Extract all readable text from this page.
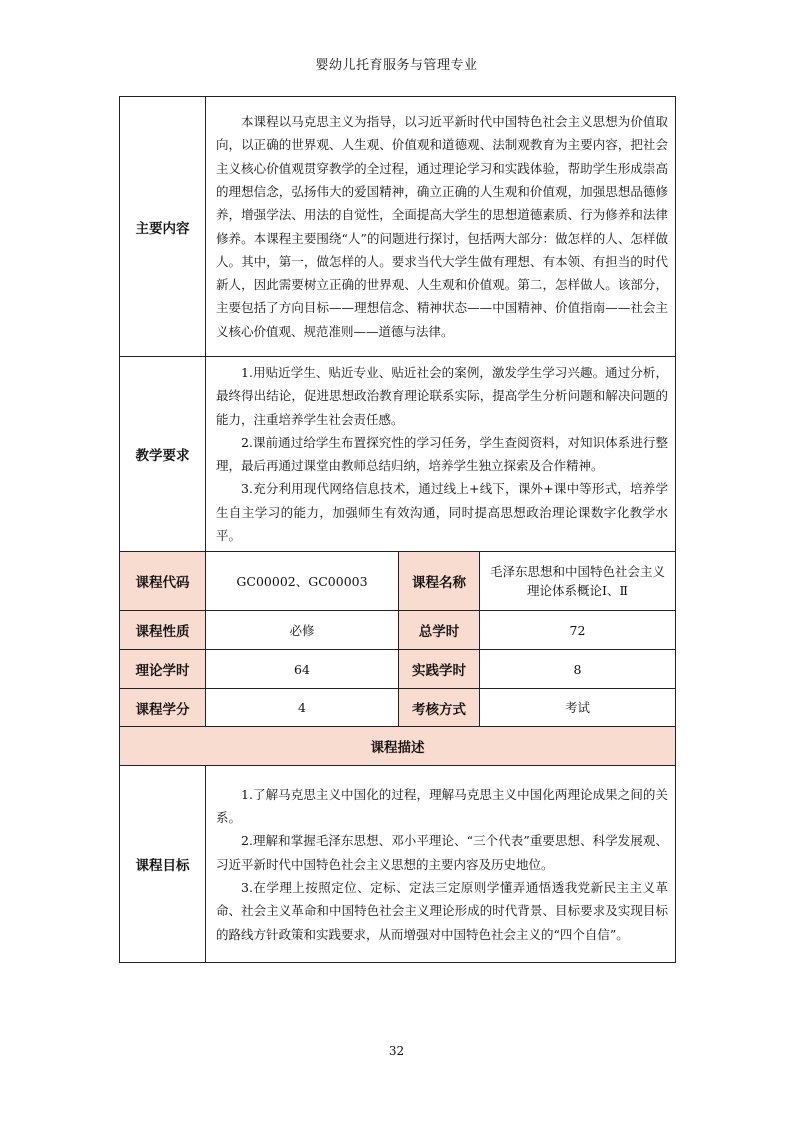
婴幼儿托育服务与管理专业
主要内容	本课程以马克思主义为指导，以习近平新时代中国特色社会主义思想为价值取向，以正确的世界观、人生观、价值观和道德观、法制观教育为主要内容，把社会主义核心价值观贯穿教学的全过程，通过理论学习和实践体验，帮助学生形成崇高的理想信念，弘扬伟大的爱国精神，确立正确的人生观和价值观，加强思想品德修养，增强学法、用法的自觉性，全面提高大学生的思想道德素质、行为修养和法律修养。本课程主要围绕“人”的问题进行探讨，包括两大部分：做怎样的人、怎样做人。其中，第一，做怎样的人。要求当代大学生做有理想、有本领、有担当的时代新人，因此需要树立正确的世界观、人生观和价值观。第二，怎样做人。该部分，主要包括了方向目标——理想信念、精神状态——中国精神、价值指南——社会主义核心价值观、规范准则——道德与法律。		

教学要求	1.用贴近学生、贴近专业、贴近社会的案例，激发学生学习兴趣。通过分析，最终得出结论，促进思想政治教育理论联系实际，提高学生分析问题和解决问题的能力，注重培养学生社会责任感。

2.课前通过给学生布置探究性的学习任务，学生查阅资料，对知识体系进行整理，最后再通过课堂由教师总结归纳，培养学生独立探索及合作精神。

3.充分利用现代网络信息技术，通过线上+线下，课外+课中等形式，培养学生自主学习的能力，加强师生有效沟通，同时提高思想政治理论课数字化教学水平。		

课程代码	GC00002、GC00003	课程名称	毛泽东思想和中国特色社会主义理论体系概论Ⅰ、Ⅱ
课程性质	必修	总学时	72
理论学时	64	实践学时	8
课程学分	4	考核方式	考试
课程描述			
课程目标	1.了解马克思主义中国化的过程，理解马克思主义中国化两理论成果之间的关系。

2.理解和掌握毛泽东思想、邓小平理论、“三个代表”重要思想、科学发展观、习近平新时代中国特色社会主义思想的主要内容及历史地位。

3.在学理上按照定位、定标、定法三定原则学懂弄通悟透我党新民主主义革命、社会主义革命和中国特色社会主义理论形成的时代背景、目标要求及实现目标的路线方针政策和实践要求，从而增强对中国特色社会主义的“四个自信”。		

32
